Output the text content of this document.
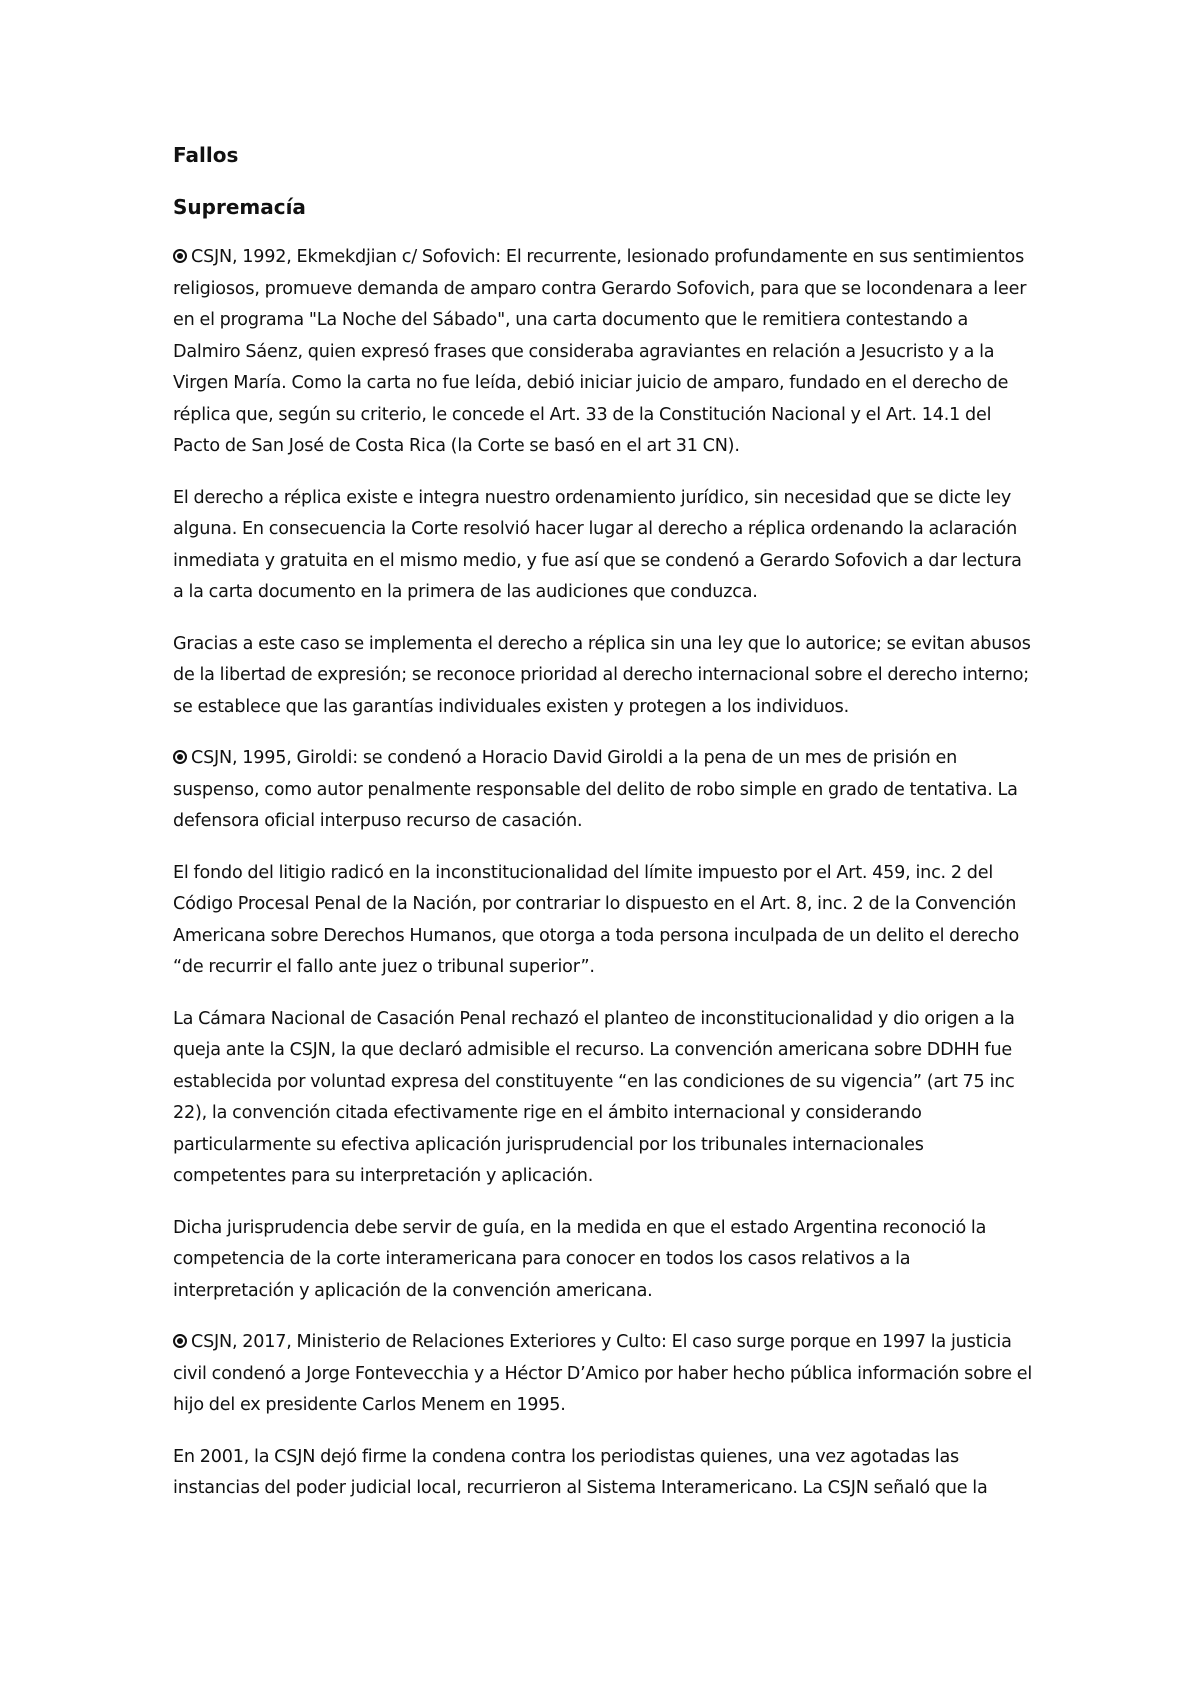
Fallos
Supremacía

CSJN, 1992, Ekmekdjian c/ Sofovich: El recurrente, lesionado profundamente en sus sentimientos religiosos, promueve demanda de amparo contra Gerardo Sofovich, para que se locondenara a leer en el programa "La Noche del Sábado", una carta documento que le remitiera contestando a Dalmiro Sáenz, quien expresó frases que consideraba agraviantes en relación a Jesucristo y a la Virgen María. Como la carta no fue leída, debió iniciar juicio de amparo, fundado en el derecho de réplica que, según su criterio, le concede el Art. 33 de la Constitución Nacional y el Art. 14.1 del Pacto de San José de Costa Rica (la Corte se basó en el art 31 CN).

El derecho a réplica existe e integra nuestro ordenamiento jurídico, sin necesidad que se dicte ley alguna. En consecuencia la Corte resolvió hacer lugar al derecho a réplica ordenando la aclaración inmediata y gratuita en el mismo medio, y fue así que se condenó a Gerardo Sofovich a dar lectura a la carta documento en la primera de las audiciones que conduzca.

Gracias a este caso se implementa el derecho a réplica sin una ley que lo autorice; se evitan abusos de la libertad de expresión; se reconoce prioridad al derecho internacional sobre el derecho interno; se establece que las garantías individuales existen y protegen a los individuos.

CSJN, 1995, Giroldi: se condenó a Horacio David Giroldi a la pena de un mes de prisión en suspenso, como autor penalmente responsable del delito de robo simple en grado de tentativa. La defensora oficial interpuso recurso de casación.

El fondo del litigio radicó en la inconstitucionalidad del límite impuesto por el Art. 459, inc. 2 del Código Procesal Penal de la Nación, por contrariar lo dispuesto en el Art. 8, inc. 2 de la Convención Americana sobre Derechos Humanos, que otorga a toda persona inculpada de un delito el derecho “de recurrir el fallo ante juez o tribunal superior”.

La Cámara Nacional de Casación Penal rechazó el planteo de inconstitucionalidad y dio origen a la queja ante la CSJN, la que declaró admisible el recurso. La convención americana sobre DDHH fue establecida por voluntad expresa del constituyente “en las condiciones de su vigencia” (art 75 inc 22), la convención citada efectivamente rige en el ámbito internacional y considerando particularmente su efectiva aplicación jurisprudencial por los tribunales internacionales competentes para su interpretación y aplicación.

Dicha jurisprudencia debe servir de guía, en la medida en que el estado Argentina reconoció la competencia de la corte interamericana para conocer en todos los casos relativos a la interpretación y aplicación de la convención americana.

CSJN, 2017, Ministerio de Relaciones Exteriores y Culto: El caso surge porque en 1997 la justicia civil condenó a Jorge Fontevecchia y a Héctor D’Amico por haber hecho pública información sobre el hijo del ex presidente Carlos Menem en 1995.

En 2001, la CSJN dejó firme la condena contra los periodistas quienes, una vez agotadas las instancias del poder judicial local, recurrieron al Sistema Interamericano. La CSJN señaló que la
